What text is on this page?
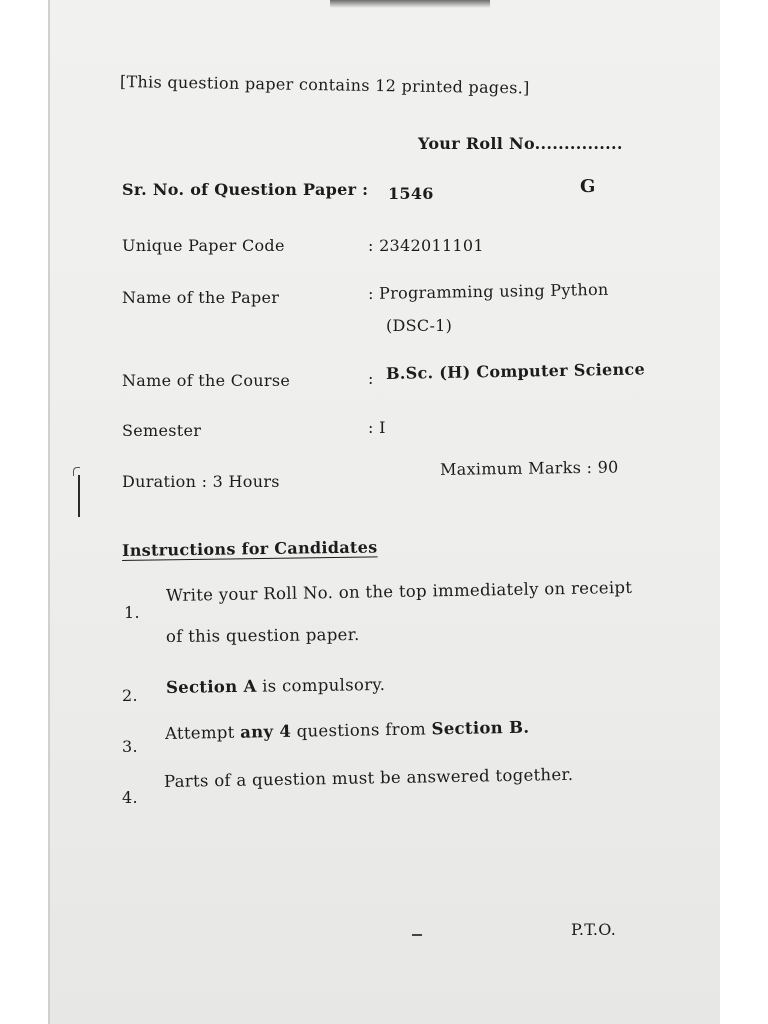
[This question paper contains 12 printed pages.]
Your Roll No...............
Sr. No. of Question Paper : 1546	G
Unique Paper Code	: 2342011101
Name of the Paper	: Programming using Python
(DSC-1)
Name of the Course	: B.Sc. (H) Computer Science
Semester	: I
Duration : 3 Hours
Maximum Marks : 90
Instructions for Candidates
1.
Write your Roll No. on the top immediately on receipt
of this question paper.
2. Section A is compulsory.
3.
Attempt any 4 questions from Section B.
4.
Parts of a question must be answered together.
P.T.O.
